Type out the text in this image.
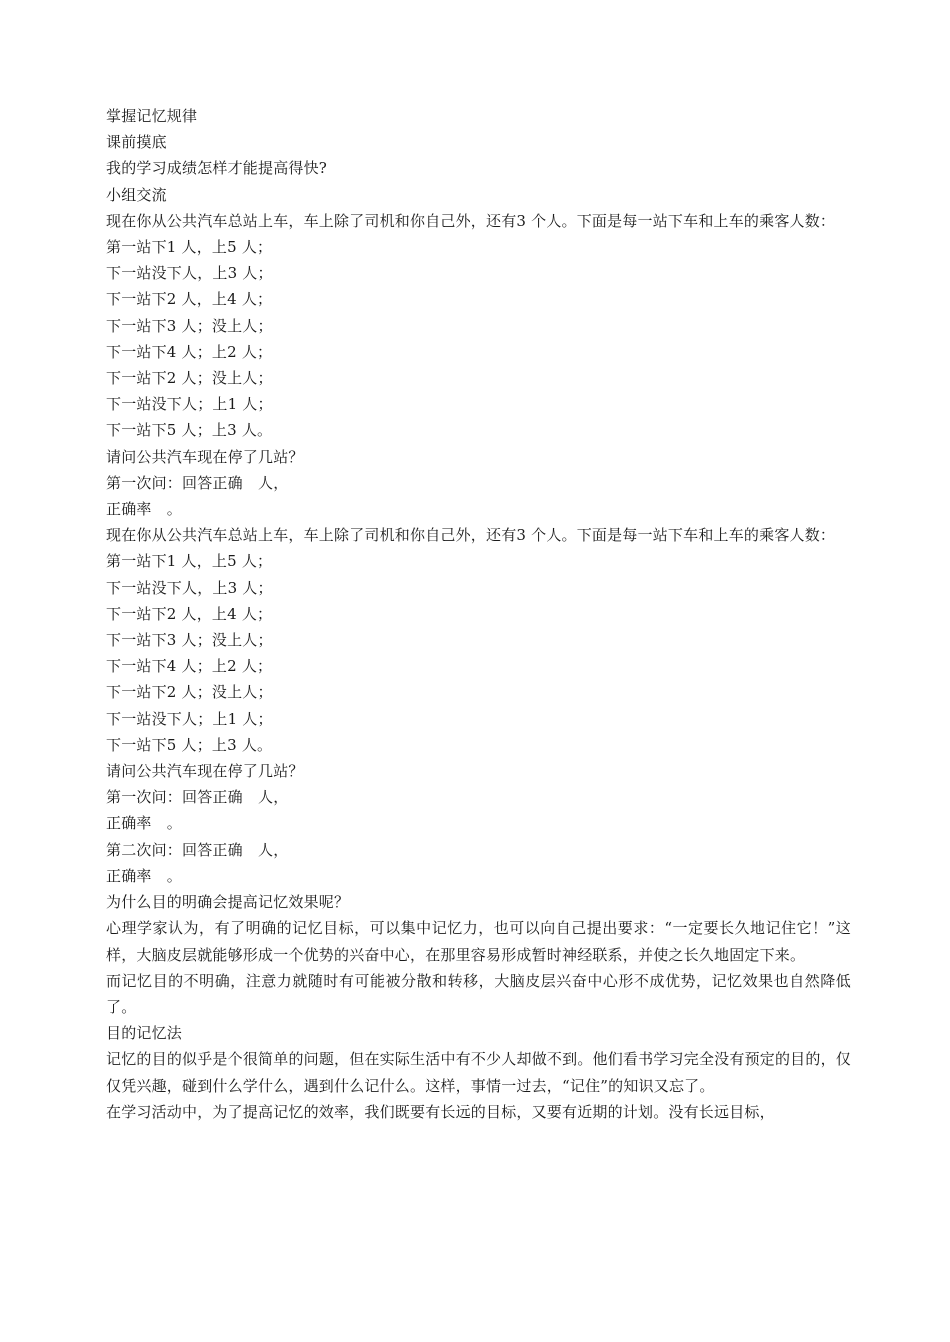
掌握记忆规律

课前摸底

我的学习成绩怎样才能提高得快?

小组交流

现在你从公共汽车总站上车，车上除了司机和你自己外，还有3 个人。下面是每一站下车和上车的乘客人数：

第一站下1 人，上5 人；

下一站没下人，上3 人；

下一站下2 人，上4 人；

下一站下3 人；没上人；

下一站下4 人；上2 人；

下一站下2 人；没上人；

下一站没下人；上1 人；

下一站下5 人；上3 人。

请问公共汽车现在停了几站？

第一次问：回答正确　人，

正确率　。

现在你从公共汽车总站上车，车上除了司机和你自己外，还有3 个人。下面是每一站下车和上车的乘客人数：

第一站下1 人，上5 人；

下一站没下人，上3 人；

下一站下2 人，上4 人；

下一站下3 人；没上人；

下一站下4 人；上2 人；

下一站下2 人；没上人；

下一站没下人；上1 人；

下一站下5 人；上3 人。

请问公共汽车现在停了几站？

第一次问：回答正确　人，

正确率　。

第二次问：回答正确　人，

正确率　。

为什么目的明确会提高记忆效果呢？

心理学家认为，有了明确的记忆目标，可以集中记忆力，也可以向自己提出要求：“一定要长久地记住它！”这样，大脑皮层就能够形成一个优势的兴奋中心，在那里容易形成暂时神经联系，并使之长久地固定下来。

而记忆目的不明确，注意力就随时有可能被分散和转移，大脑皮层兴奋中心形不成优势，记忆效果也自然降低了。

目的记忆法

记忆的目的似乎是个很简单的问题，但在实际生活中有不少人却做不到。他们看书学习完全没有预定的目的，仅仅凭兴趣，碰到什么学什么，遇到什么记什么。这样，事情一过去，“记住”的知识又忘了。

在学习活动中，为了提高记忆的效率，我们既要有长远的目标，又要有近期的计划。没有长远目标，
